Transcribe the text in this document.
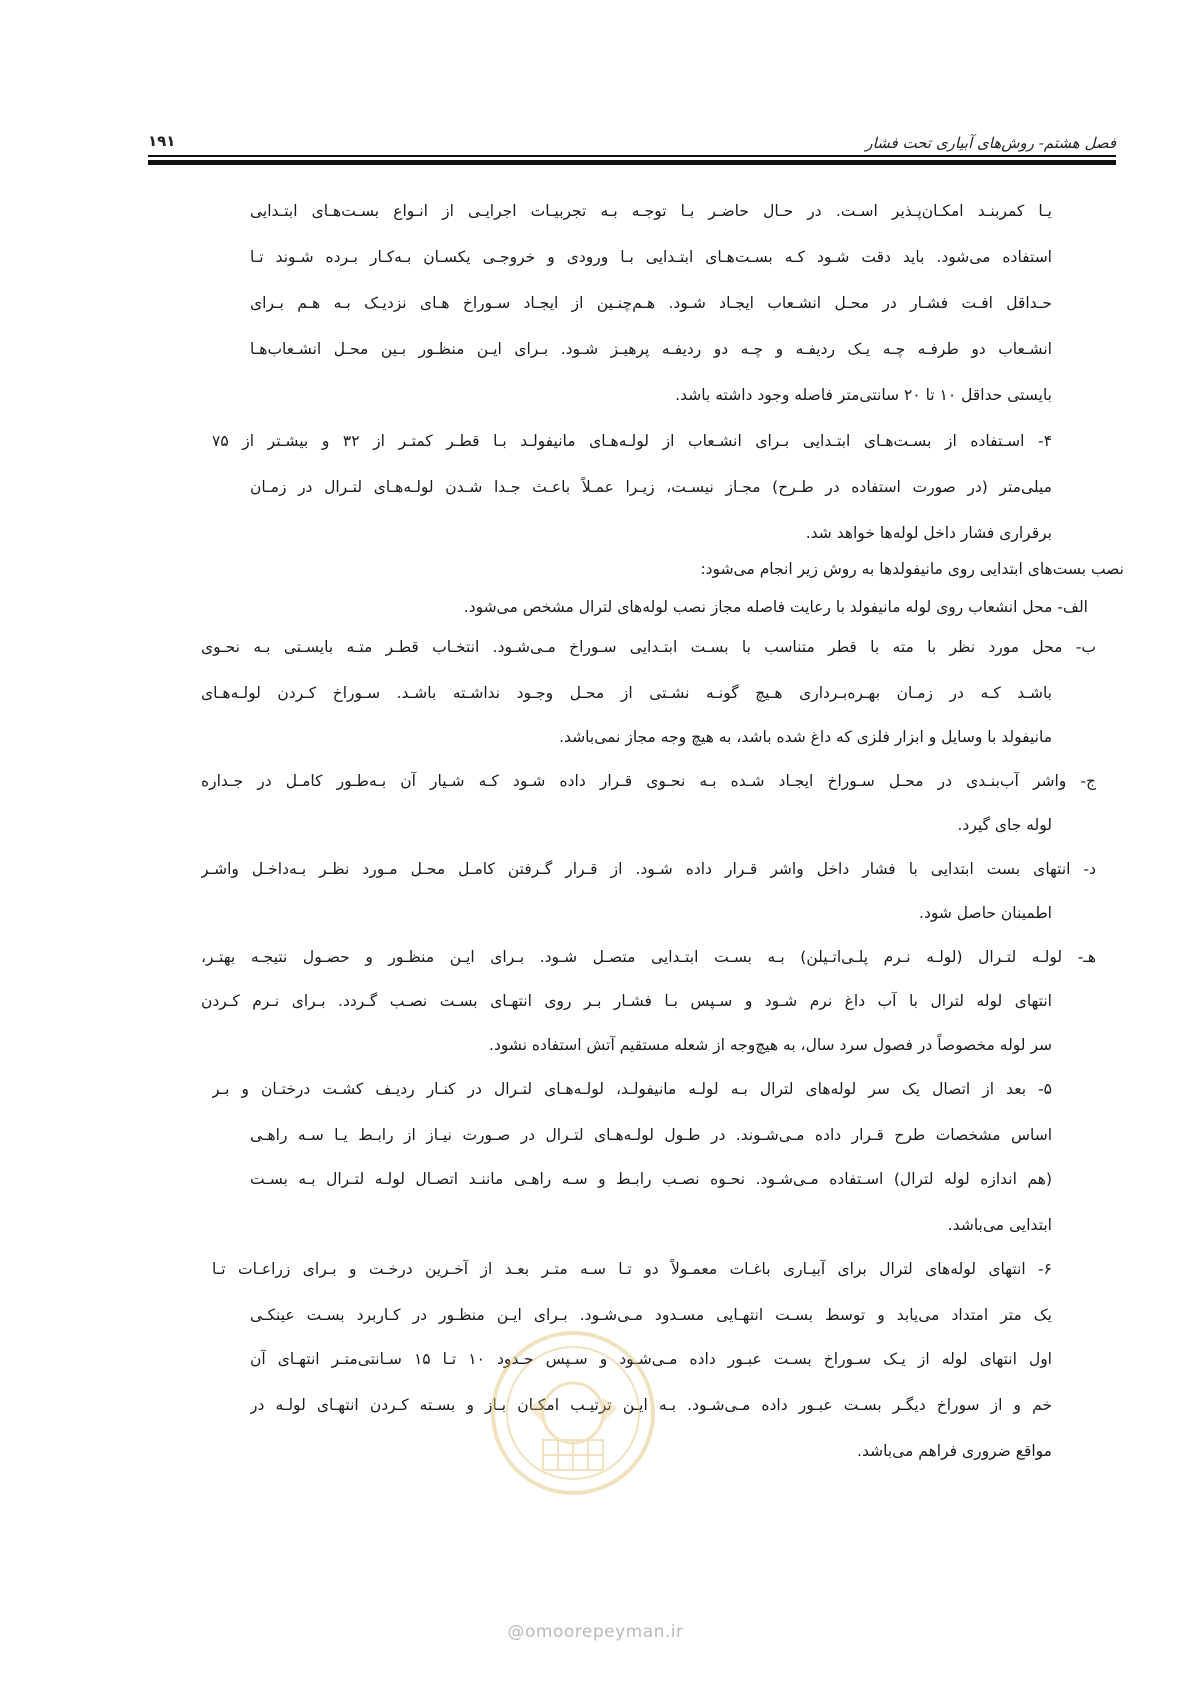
فصل هشتم- روش‌های آبیاری تحت فشار
۱۹۱
یـا کمربنـد امکـان‌پـذیر اسـت. در حـال حاضـر بـا توجـه بـه تجربیـات اجرایـی از انـواع بسـت‌هـای ابتـدایی
استفاده می‌شود. باید دقت شـود کـه بسـت‌هـای ابتـدایی بـا ورودی و خروجـی یکسـان بـه‌کـار بـرده شـوند تـا
حـداقل افـت فشـار در محـل انشـعاب ایجـاد شـود. هـم‌چنـین از ایجـاد سـوراخ هـای نزدیـک بـه هـم بـرای
انشـعاب دو طرفـه چـه یـک ردیفـه و چـه دو ردیفـه پرهیـز شـود. بـرای ایـن منظـور بـین محـل انشـعاب‌هـا
بایستی حداقل ۱۰ تا ۲۰ سانتی‌متر فاصله وجود داشته باشد.
۴- اسـتفاده از بسـت‌هـای ابتـدایی بـرای انشـعاب از لولـه‌هـای مانیفولـد بـا قطـر کمتـر از ۳۲ و بیشـتر از ۷۵
میلی‌متر (در صورت استفاده در طـرح) مجـاز نیسـت، زیـرا عمـلاً باعـث جـدا شـدن لولـه‌هـای لتـرال در زمـان
برقراری فشار داخل لوله‌ها خواهد شد.
نصب بست‌های ابتدایی روی مانیفولدها به روش زیر انجام می‌شود:
الف- محل انشعاب روی لوله مانیفولد با رعایت فاصله مجاز نصب لوله‌های لترال مشخص می‌شود.
ب- محل مورد نظر با مته با قطر متناسب با بسـت ابتـدایی سـوراخ مـی‌شـود. انتخـاب قطـر متـه بایسـتی بـه نحـوی
باشـد کـه در زمـان بهـره‌بـرداری هـیچ گونـه نشـتی از محـل وجـود نداشـته باشـد. سـوراخ کـردن لولـه‌هـای
مانیفولد با وسایل و ابزار فلزی که داغ شده باشد، به هیچ وجه مجاز نمی‌باشد.
ج- واشر آب‌بنـدی در محـل سـوراخ ایجـاد شـده بـه نحـوی قـرار داده شـود کـه شـیار آن بـه‌طـور کامـل در جـداره
لوله جای گیرد.
د- انتهای بست ابتدایی با فشار داخل واشر قـرار داده شـود. از قـرار گـرفتن کامـل محـل مـورد نظـر بـه‌داخـل واشـر
اطمینان حاصل شود.
هـ- لولـه لتـرال (لولـه نـرم پلـی‌اتـیلن) بـه بسـت ابتـدایی متصـل شـود. بـرای ایـن منظـور و حصـول نتیجـه بهتـر،
انتهای لوله لترال با آب داغ نرم شـود و سـپس بـا فشـار بـر روی انتهـای بسـت نصـب گـردد. بـرای نـرم کـردن
سر لوله مخصوصاً در فصول سرد سال، به هیچ‌وجه از شعله مستقیم آتش استفاده نشود.
۵- بعد از اتصال یک سر لوله‌های لترال بـه لولـه مانیفولـد، لولـه‌هـای لتـرال در کنـار ردیـف کشـت درختـان و بـر
اساس مشخصات طرح قـرار داده مـی‌شـوند. در طـول لولـه‌هـای لتـرال در صـورت نیـاز از رابـط یـا سـه راهـی
(هم اندازه لوله لترال) اسـتفاده مـی‌شـود. نحـوه نصـب رابـط و سـه راهـی ماننـد اتصـال لولـه لتـرال بـه بسـت
ابتدایی می‌باشد.
۶- انتهای لوله‌های لترال برای آبیـاری باغـات معمـولاً دو تـا سـه متـر بعـد از آخـرین درخـت و بـرای زراعـات تـا
یک متر امتداد می‌یابد و توسط بسـت انتهـایی مسـدود مـی‌شـود. بـرای ایـن منظـور در کـاربرد بسـت عینکـی
اول انتهای لوله از یـک سـوراخ بسـت عبـور داده مـی‌شـود و سـپس حـدود ۱۰ تـا ۱۵ سـانتی‌متـر انتهـای آن
خم و از سوراخ دیگـر بسـت عبـور داده مـی‌شـود. بـه ایـن ترتیـب امکـان بـاز و بسـته کـردن انتهـای لولـه در
مواقع ضروری فراهم می‌باشد.
@omoorepeyman.ir
